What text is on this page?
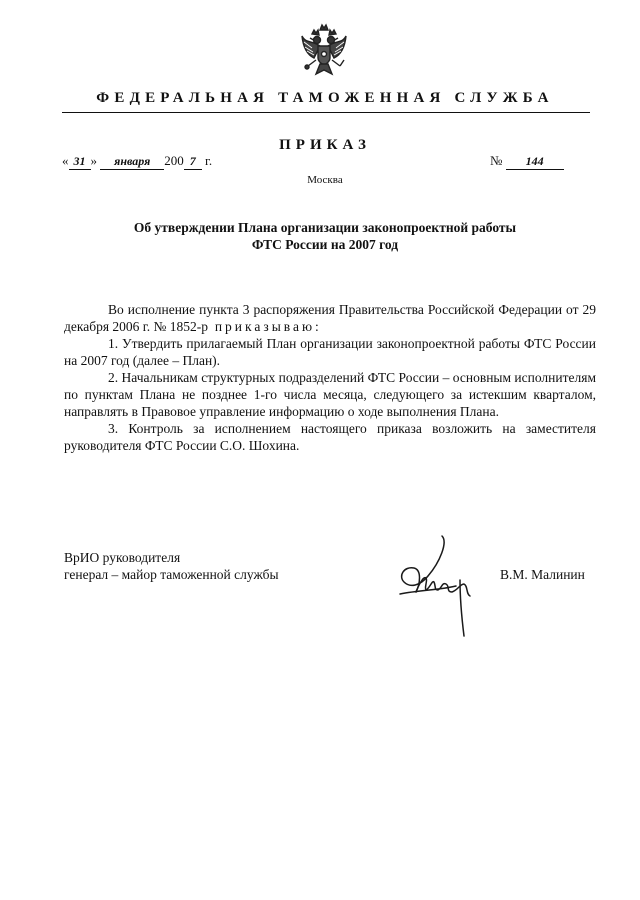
ФЕДЕРАЛЬНАЯ ТАМОЖЕННАЯ СЛУЖБА
ПРИКАЗ
« 31 » января 200 7 г.	№ 144
Москва
Об утверждении Плана организации законопроектной работы
ФТС России на 2007 год

Во исполнение пункта 3 распоряжения Правительства Российской Федерации от 29 декабря 2006 г. № 1852-р приказываю:

1. Утвердить прилагаемый План организации законопроектной работы ФТС России на 2007 год (далее – План).

2. Начальникам структурных подразделений ФТС России – основным исполнителям по пунктам Плана не позднее 1-го числа месяца, следующего за истекшим кварталом, направлять в Правовое управление информацию о ходе выполнения Плана.

3. Контроль за исполнением настоящего приказа возложить на заместителя руководителя ФТС России С.О. Шохина.

ВрИО руководителя
генерал – майор таможенной службы	В.М. Малинин
